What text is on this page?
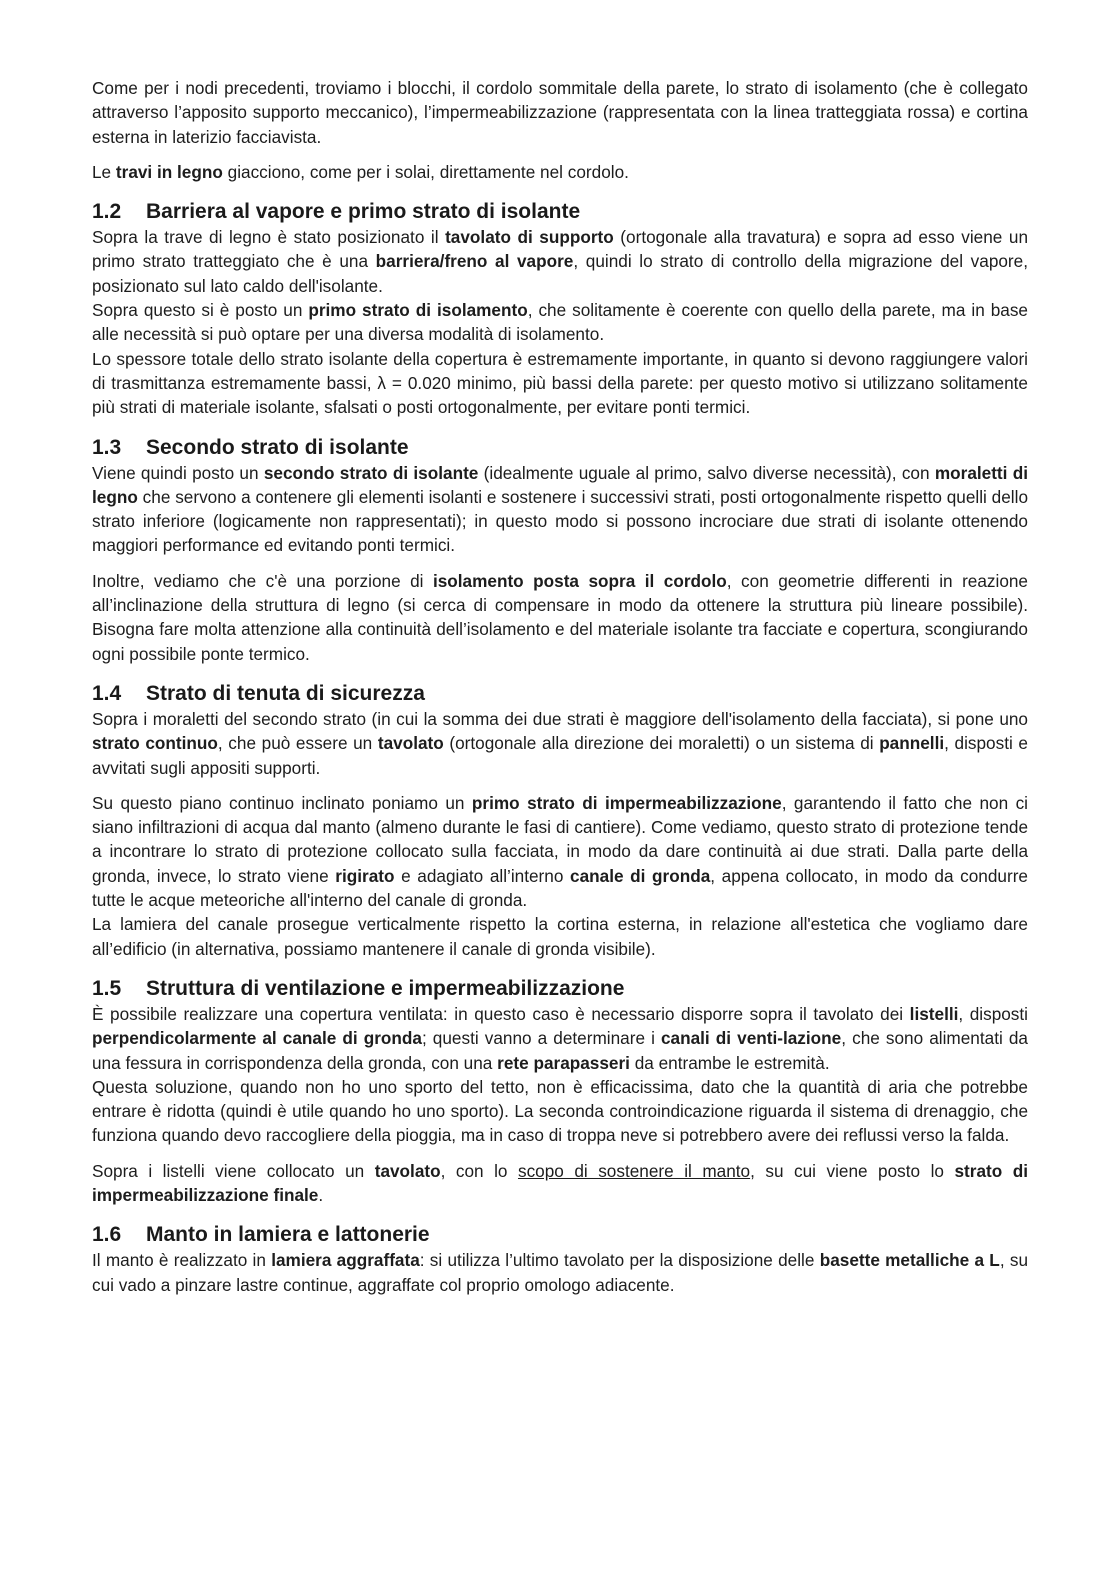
Come per i nodi precedenti, troviamo i blocchi, il cordolo sommitale della parete, lo strato di isolamento (che è collegato attraverso l’apposito supporto meccanico), l’impermeabilizzazione (rappresentata con la linea tratteggiata rossa) e cortina esterna in laterizio facciavista.

Le travi in legno giacciono, come per i solai, direttamente nel cordolo.

1.2 Barriera al vapore e primo strato di isolante

Sopra la trave di legno è stato posizionato il tavolato di supporto (ortogonale alla travatura) e sopra ad esso viene un primo strato tratteggiato che è una barriera/freno al vapore, quindi lo strato di controllo della migrazione del vapore, posizionato sul lato caldo dell'isolante.

Sopra questo si è posto un primo strato di isolamento, che solitamente è coerente con quello della parete, ma in base alle necessità si può optare per una diversa modalità di isolamento.

Lo spessore totale dello strato isolante della copertura è estremamente importante, in quanto si devono raggiungere valori di trasmittanza estremamente bassi, λ = 0.020 minimo, più bassi della parete: per questo motivo si utilizzano solitamente più strati di materiale isolante, sfalsati o posti ortogonalmente, per evitare ponti termici.

1.3 Secondo strato di isolante

Viene quindi posto un secondo strato di isolante (idealmente uguale al primo, salvo diverse necessità), con moraletti di legno che servono a contenere gli elementi isolanti e sostenere i successivi strati, posti ortogonalmente rispetto quelli dello strato inferiore (logicamente non rappresentati); in questo modo si possono incrociare due strati di isolante ottenendo maggiori performance ed evitando ponti termici.

Inoltre, vediamo che c'è una porzione di isolamento posta sopra il cordolo, con geometrie differenti in reazione all’inclinazione della struttura di legno (si cerca di compensare in modo da ottenere la struttura più lineare possibile). Bisogna fare molta attenzione alla continuità dell’isolamento e del materiale isolante tra facciate e copertura, scongiurando ogni possibile ponte termico.

1.4 Strato di tenuta di sicurezza

Sopra i moraletti del secondo strato (in cui la somma dei due strati è maggiore dell'isolamento della facciata), si pone uno strato continuo, che può essere un tavolato (ortogonale alla direzione dei moraletti) o un sistema di pannelli, disposti e avvitati sugli appositi supporti.

Su questo piano continuo inclinato poniamo un primo strato di impermeabilizzazione, garantendo il fatto che non ci siano infiltrazioni di acqua dal manto (almeno durante le fasi di cantiere). Come vediamo, questo strato di protezione tende a incontrare lo strato di protezione collocato sulla facciata, in modo da dare continuità ai due strati. Dalla parte della gronda, invece, lo strato viene rigirato e adagiato all’interno canale di gronda, appena collocato, in modo da condurre tutte le acque meteoriche all'interno del canale di gronda.

La lamiera del canale prosegue verticalmente rispetto la cortina esterna, in relazione all'estetica che vogliamo dare all’edificio (in alternativa, possiamo mantenere il canale di gronda visibile).

1.5 Struttura di ventilazione e impermeabilizzazione

È possibile realizzare una copertura ventilata: in questo caso è necessario disporre sopra il tavolato dei listelli, disposti perpendicolarmente al canale di gronda; questi vanno a determinare i canali di venti-lazione, che sono alimentati da una fessura in corrispondenza della gronda, con una rete parapasseri da entrambe le estremità.

Questa soluzione, quando non ho uno sporto del tetto, non è efficacissima, dato che la quantità di aria che potrebbe entrare è ridotta (quindi è utile quando ho uno sporto). La seconda controindicazione riguarda il sistema di drenaggio, che funziona quando devo raccogliere della pioggia, ma in caso di troppa neve si potrebbero avere dei reflussi verso la falda.

Sopra i listelli viene collocato un tavolato, con lo scopo di sostenere il manto, su cui viene posto lo strato di impermeabilizzazione finale.

1.6 Manto in lamiera e lattonerie

Il manto è realizzato in lamiera aggraffata: si utilizza l’ultimo tavolato per la disposizione delle basette metalliche a L, su cui vado a pinzare lastre continue, aggraffate col proprio omologo adiacente.
